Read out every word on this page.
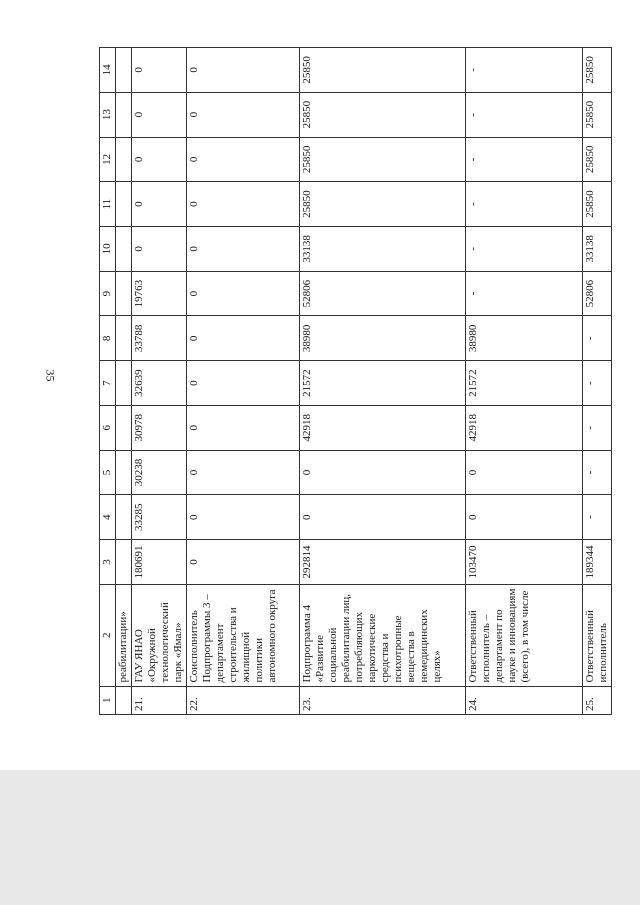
35
1	2	3	4	5	6	7	8	9	10	11	12	13	14
	реабилитации»												
21.	ГАУ ЯНАО «Окружной технологический парк «Ямал»	180691	33285	30238	30978	32639	33788	19763	0	0	0	0	0
22.	Соисполнитель Подпрограммы 3 – департамент строительства и жилищной политики автономного округа	0	0	0	0	0	0	0	0	0	0	0	0
23.	Подпрограмма 4 «Развитие социальной реабилитации лиц, потребляющих наркотические средства и психотропные вещества в немедицинских целях»	292814	0	0	42918	21572	38980	52806	33138	25850	25850	25850	25850
24.	Ответственный исполнитель – департамент по науке и инновациям (всего), в том числе	103470	0	0	42918	21572	38980	-	-	-	-	-	-
25.	Ответственный исполнитель	189344	-	-	-	-	-	52806	33138	25850	25850	25850	25850
